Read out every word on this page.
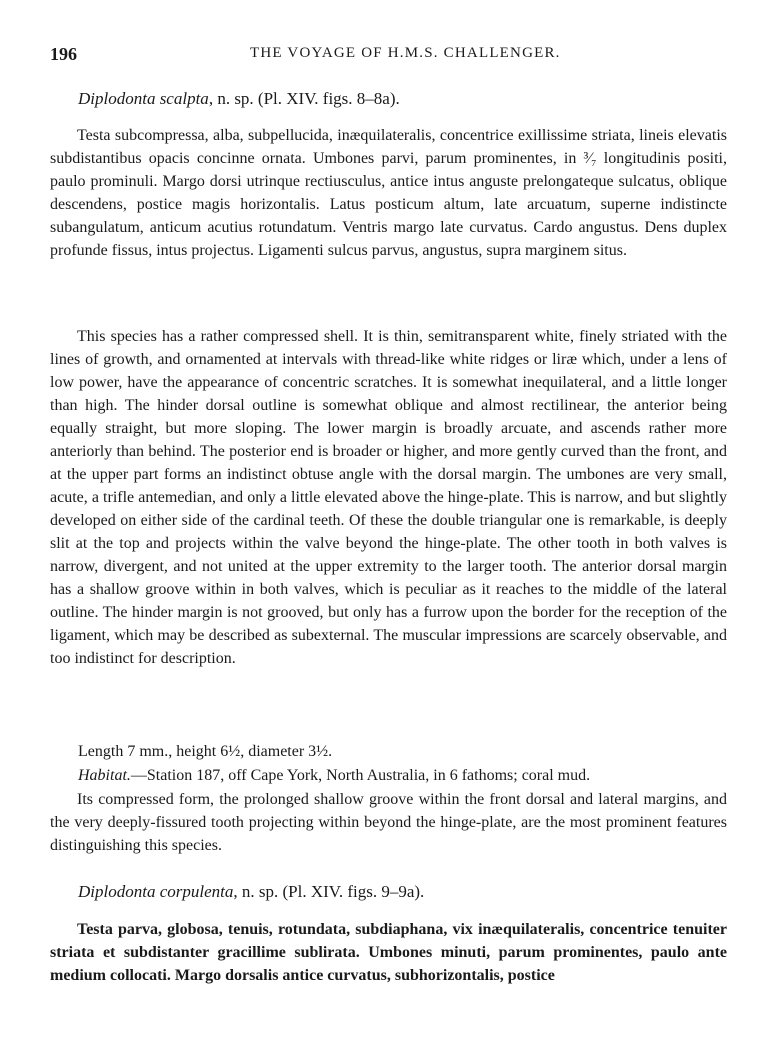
196	THE VOYAGE OF H.M.S. CHALLENGER.
Diplodonta scalpta, n. sp. (Pl. XIV. figs. 8–8a).
Testa subcompressa, alba, subpellucida, inæquilateralis, concentrice exillissime striata, lineis elevatis subdistantibus opacis concinne ornata. Umbones parvi, parum prominentes, in ³⁄₇ longitudinis positi, paulo prominuli. Margo dorsi utrinque rectiusculus, antice intus anguste prelongateque sulcatus, oblique descendens, postice magis horizontalis. Latus posticum altum, late arcuatum, superne indistincte subangulatum, anticum acutius rotundatum. Ventris margo late curvatus. Cardo angustus. Dens duplex profunde fissus, intus projectus. Ligamenti sulcus parvus, angustus, supra marginem situs.
This species has a rather compressed shell. It is thin, semitransparent white, finely striated with the lines of growth, and ornamented at intervals with thread-like white ridges or liræ which, under a lens of low power, have the appearance of concentric scratches. It is somewhat inequilateral, and a little longer than high. The hinder dorsal outline is somewhat oblique and almost rectilinear, the anterior being equally straight, but more sloping. The lower margin is broadly arcuate, and ascends rather more anteriorly than behind. The posterior end is broader or higher, and more gently curved than the front, and at the upper part forms an indistinct obtuse angle with the dorsal margin. The umbones are very small, acute, a trifle antemedian, and only a little elevated above the hinge-plate. This is narrow, and but slightly developed on either side of the cardinal teeth. Of these the double triangular one is remarkable, is deeply slit at the top and projects within the valve beyond the hinge-plate. The other tooth in both valves is narrow, divergent, and not united at the upper extremity to the larger tooth. The anterior dorsal margin has a shallow groove within in both valves, which is peculiar as it reaches to the middle of the lateral outline. The hinder margin is not grooved, but only has a furrow upon the border for the reception of the ligament, which may be described as subexternal. The muscular impressions are scarcely observable, and too indistinct for description.
Length 7 mm., height 6½, diameter 3½.
Habitat.—Station 187, off Cape York, North Australia, in 6 fathoms; coral mud.
Its compressed form, the prolonged shallow groove within the front dorsal and lateral margins, and the very deeply-fissured tooth projecting within beyond the hinge-plate, are the most prominent features distinguishing this species.
Diplodonta corpulenta, n. sp. (Pl. XIV. figs. 9–9a).
Testa parva, globosa, tenuis, rotundata, subdiaphana, vix inæquilateralis, concentrice tenuiter striata et subdistanter gracillime sublirata. Umbones minuti, parum prominentes, paulo ante medium collocati. Margo dorsalis antice curvatus, subhorizontalis, postice
